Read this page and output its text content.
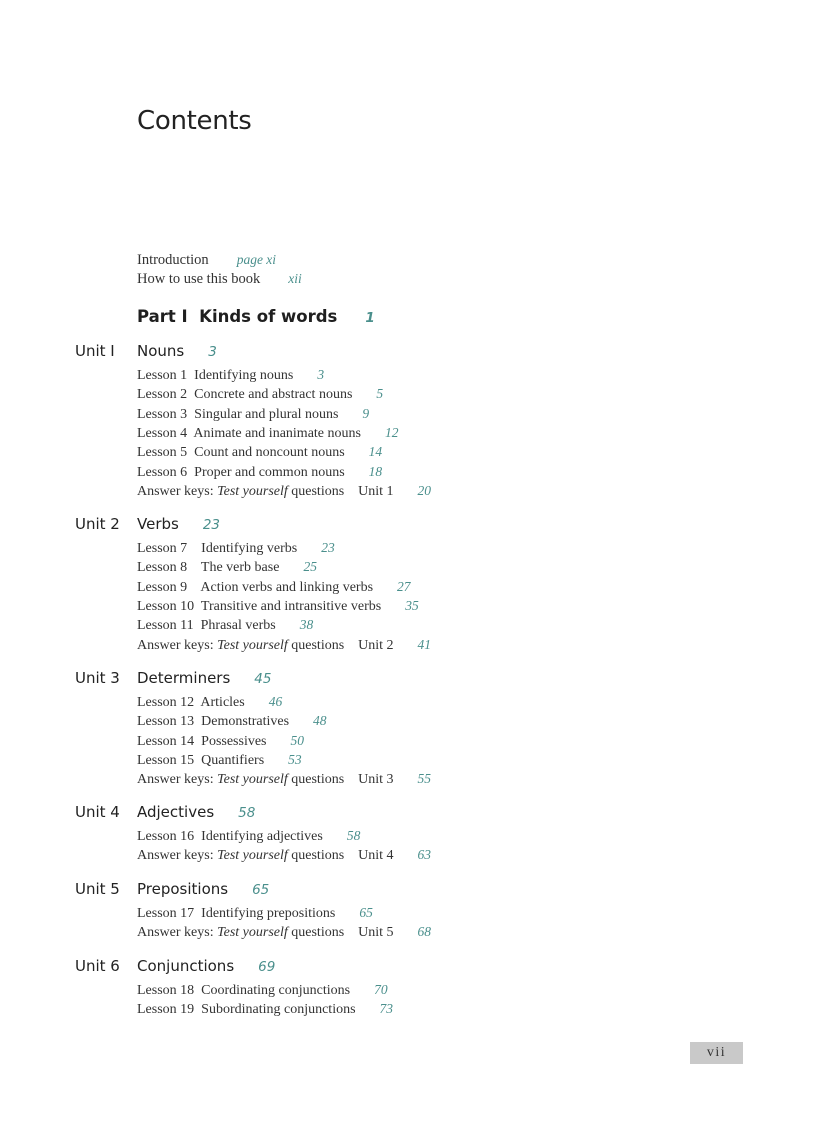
Contents
Introduction page xi
How to use this book xii
Part I  Kinds of words 1
Unit I Nouns 3
Lesson 1  Identifying nouns 3
Lesson 2  Concrete and abstract nouns 5
Lesson 3  Singular and plural nouns 9
Lesson 4  Animate and inanimate nouns 12
Lesson 5  Count and noncount nouns 14
Lesson 6  Proper and common nouns 18
Answer keys: Test yourself questions    Unit 1 20
Unit 2 Verbs 23
Lesson 7    Identifying verbs 23
Lesson 8    The verb base 25
Lesson 9    Action verbs and linking verbs 27
Lesson 10  Transitive and intransitive verbs 35
Lesson 11  Phrasal verbs 38
Answer keys: Test yourself questions    Unit 2 41
Unit 3 Determiners 45
Lesson 12  Articles 46
Lesson 13  Demonstratives 48
Lesson 14  Possessives 50
Lesson 15  Quantifiers 53
Answer keys: Test yourself questions    Unit 3 55
Unit 4 Adjectives 58
Lesson 16  Identifying adjectives 58
Answer keys: Test yourself questions    Unit 4 63
Unit 5 Prepositions 65
Lesson 17  Identifying prepositions 65
Answer keys: Test yourself questions    Unit 5 68
Unit 6 Conjunctions 69
Lesson 18  Coordinating conjunctions 70
Lesson 19  Subordinating conjunctions 73
vii
